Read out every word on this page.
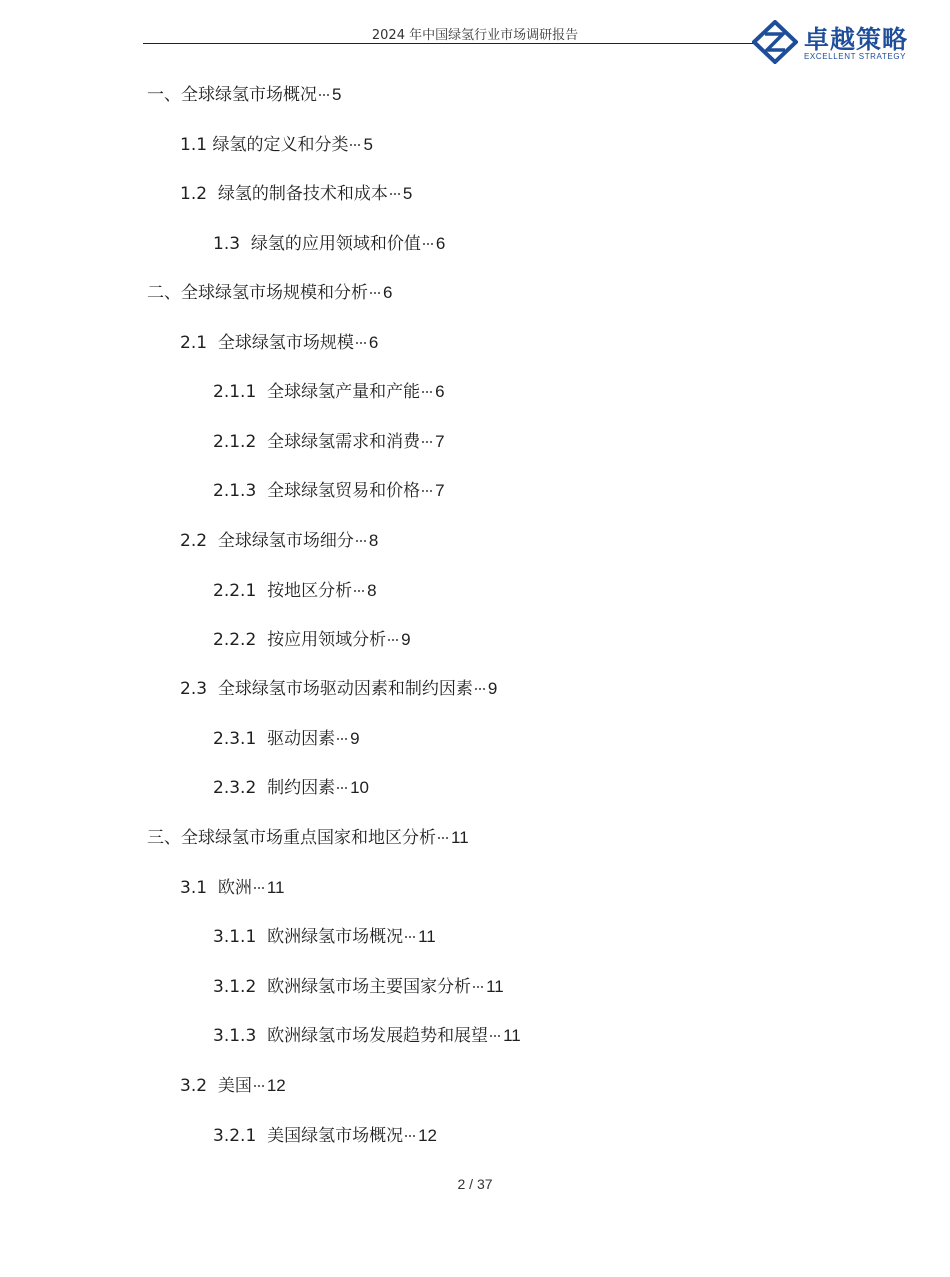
2024 年中国绿氢行业市场调研报告	卓越策略
EXCELLENT STRATEGY
一、全球绿氢市场概况 5
1.1 绿氢的定义和分类 5
1.2  绿氢的制备技术和成本 5
1.3  绿氢的应用领域和价值 6
二、全球绿氢市场规模和分析 6
2.1  全球绿氢市场规模 6
2.1.1  全球绿氢产量和产能 6
2.1.2  全球绿氢需求和消费 7
2.1.3  全球绿氢贸易和价格 7
2.2  全球绿氢市场细分 8
2.2.1  按地区分析 8
2.2.2  按应用领域分析 9
2.3  全球绿氢市场驱动因素和制约因素 9
2.3.1  驱动因素 9
2.3.2  制约因素 10
三、全球绿氢市场重点国家和地区分析 11
3.1  欧洲 11
3.1.1  欧洲绿氢市场概况 11
3.1.2  欧洲绿氢市场主要国家分析 11
3.1.3  欧洲绿氢市场发展趋势和展望 11
3.2  美国 12
3.2.1  美国绿氢市场概况 12
2 / 37
